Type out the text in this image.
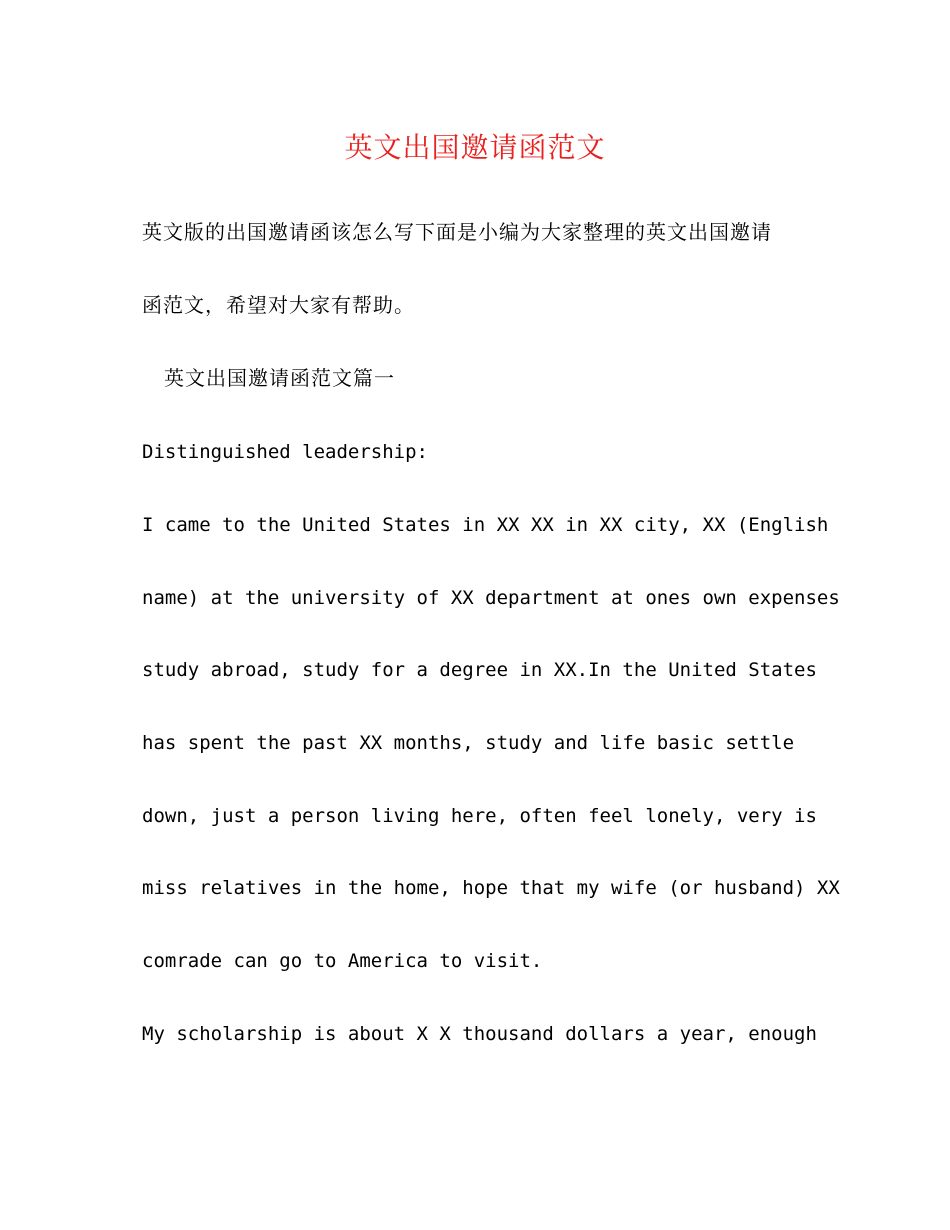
英文出国邀请函范文
英文版的出国邀请函该怎么写下面是小编为大家整理的英文出国邀请
函范文，希望对大家有帮助。
英文出国邀请函范文篇一
Distinguished leadership:
I came to the United States in XX XX in XX city, XX (English
name) at the university of XX department at ones own expenses
study abroad, study for a degree in XX.In the United States
has spent the past XX months, study and life basic settle
down, just a person living here, often feel lonely, very is
miss relatives in the home, hope that my wife (or husband) XX
comrade can go to America to visit.
My scholarship is about X X thousand dollars a year, enough
